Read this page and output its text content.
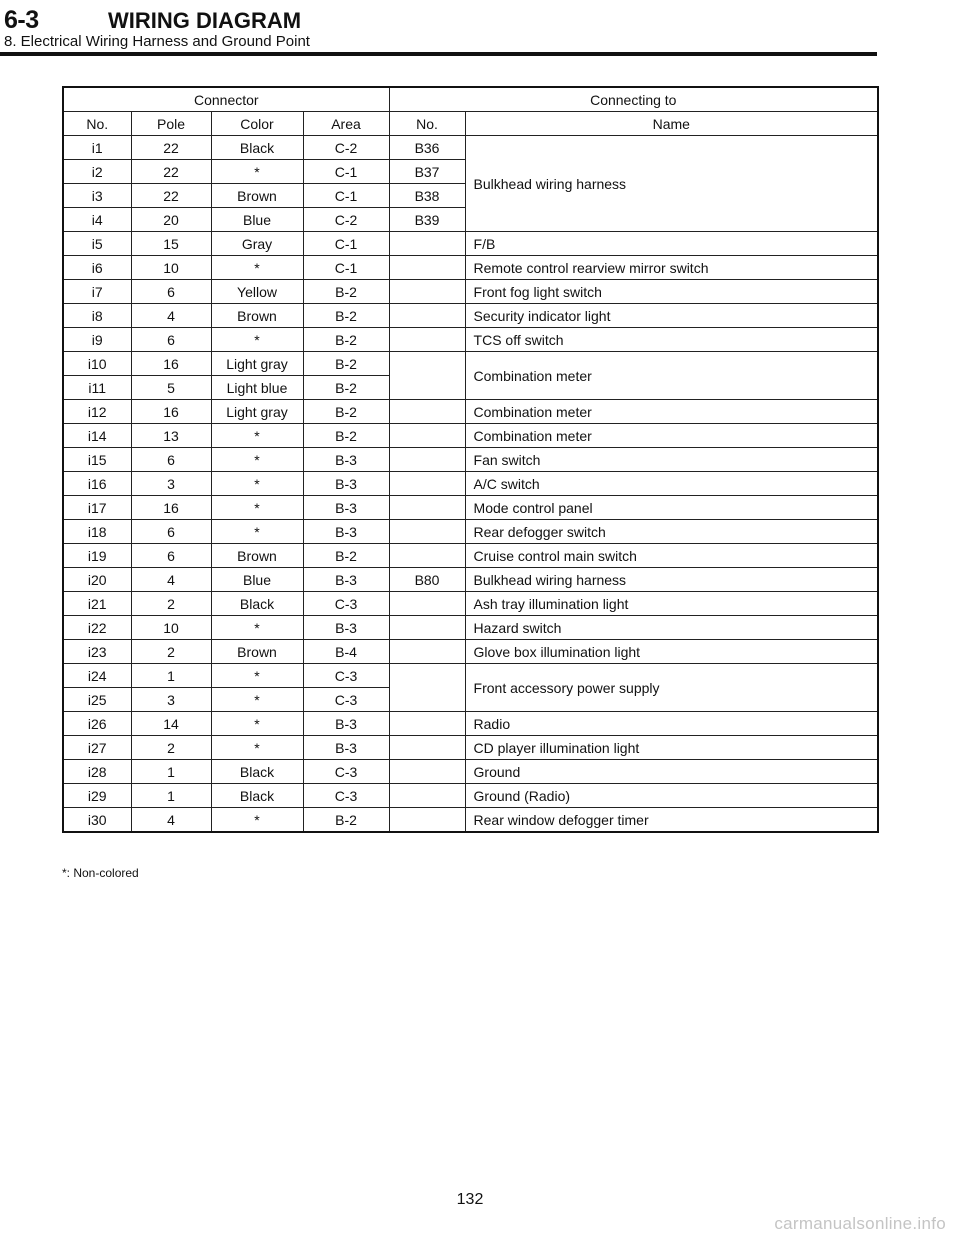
6-3	WIRING DIAGRAM
8. Electrical Wiring Harness and Ground Point
Connector				Connecting to	
No.	Pole	Color	Area	No.	Name
i1	22	Black	C-2	B36	Bulkhead wiring harness
i2	22	*	C-1	B37	
i3	22	Brown	C-1	B38	
i4	20	Blue	C-2	B39	
i5	15	Gray	C-1		F/B
i6	10	*	C-1		Remote control rearview mirror switch
i7	6	Yellow	B-2		Front fog light switch
i8	4	Brown	B-2		Security indicator light
i9	6	*	B-2		TCS off switch
i10	16	Light gray	B-2		Combination meter
i11	5	Light blue	B-2		
i12	16	Light gray	B-2		Combination meter
i14	13	*	B-2		Combination meter
i15	6	*	B-3		Fan switch
i16	3	*	B-3		A/C switch
i17	16	*	B-3		Mode control panel
i18	6	*	B-3		Rear defogger switch
i19	6	Brown	B-2		Cruise control main switch
i20	4	Blue	B-3	B80	Bulkhead wiring harness
i21	2	Black	C-3		Ash tray illumination light
i22	10	*	B-3		Hazard switch
i23	2	Brown	B-4		Glove box illumination light
i24	1	*	C-3		Front accessory power supply
i25	3	*	C-3		
i26	14	*	B-3		Radio
i27	2	*	B-3		CD player illumination light
i28	1	Black	C-3		Ground
i29	1	Black	C-3		Ground (Radio)
i30	4	*	B-2		Rear window defogger timer
*: Non-colored
132
carmanualsonline.info
